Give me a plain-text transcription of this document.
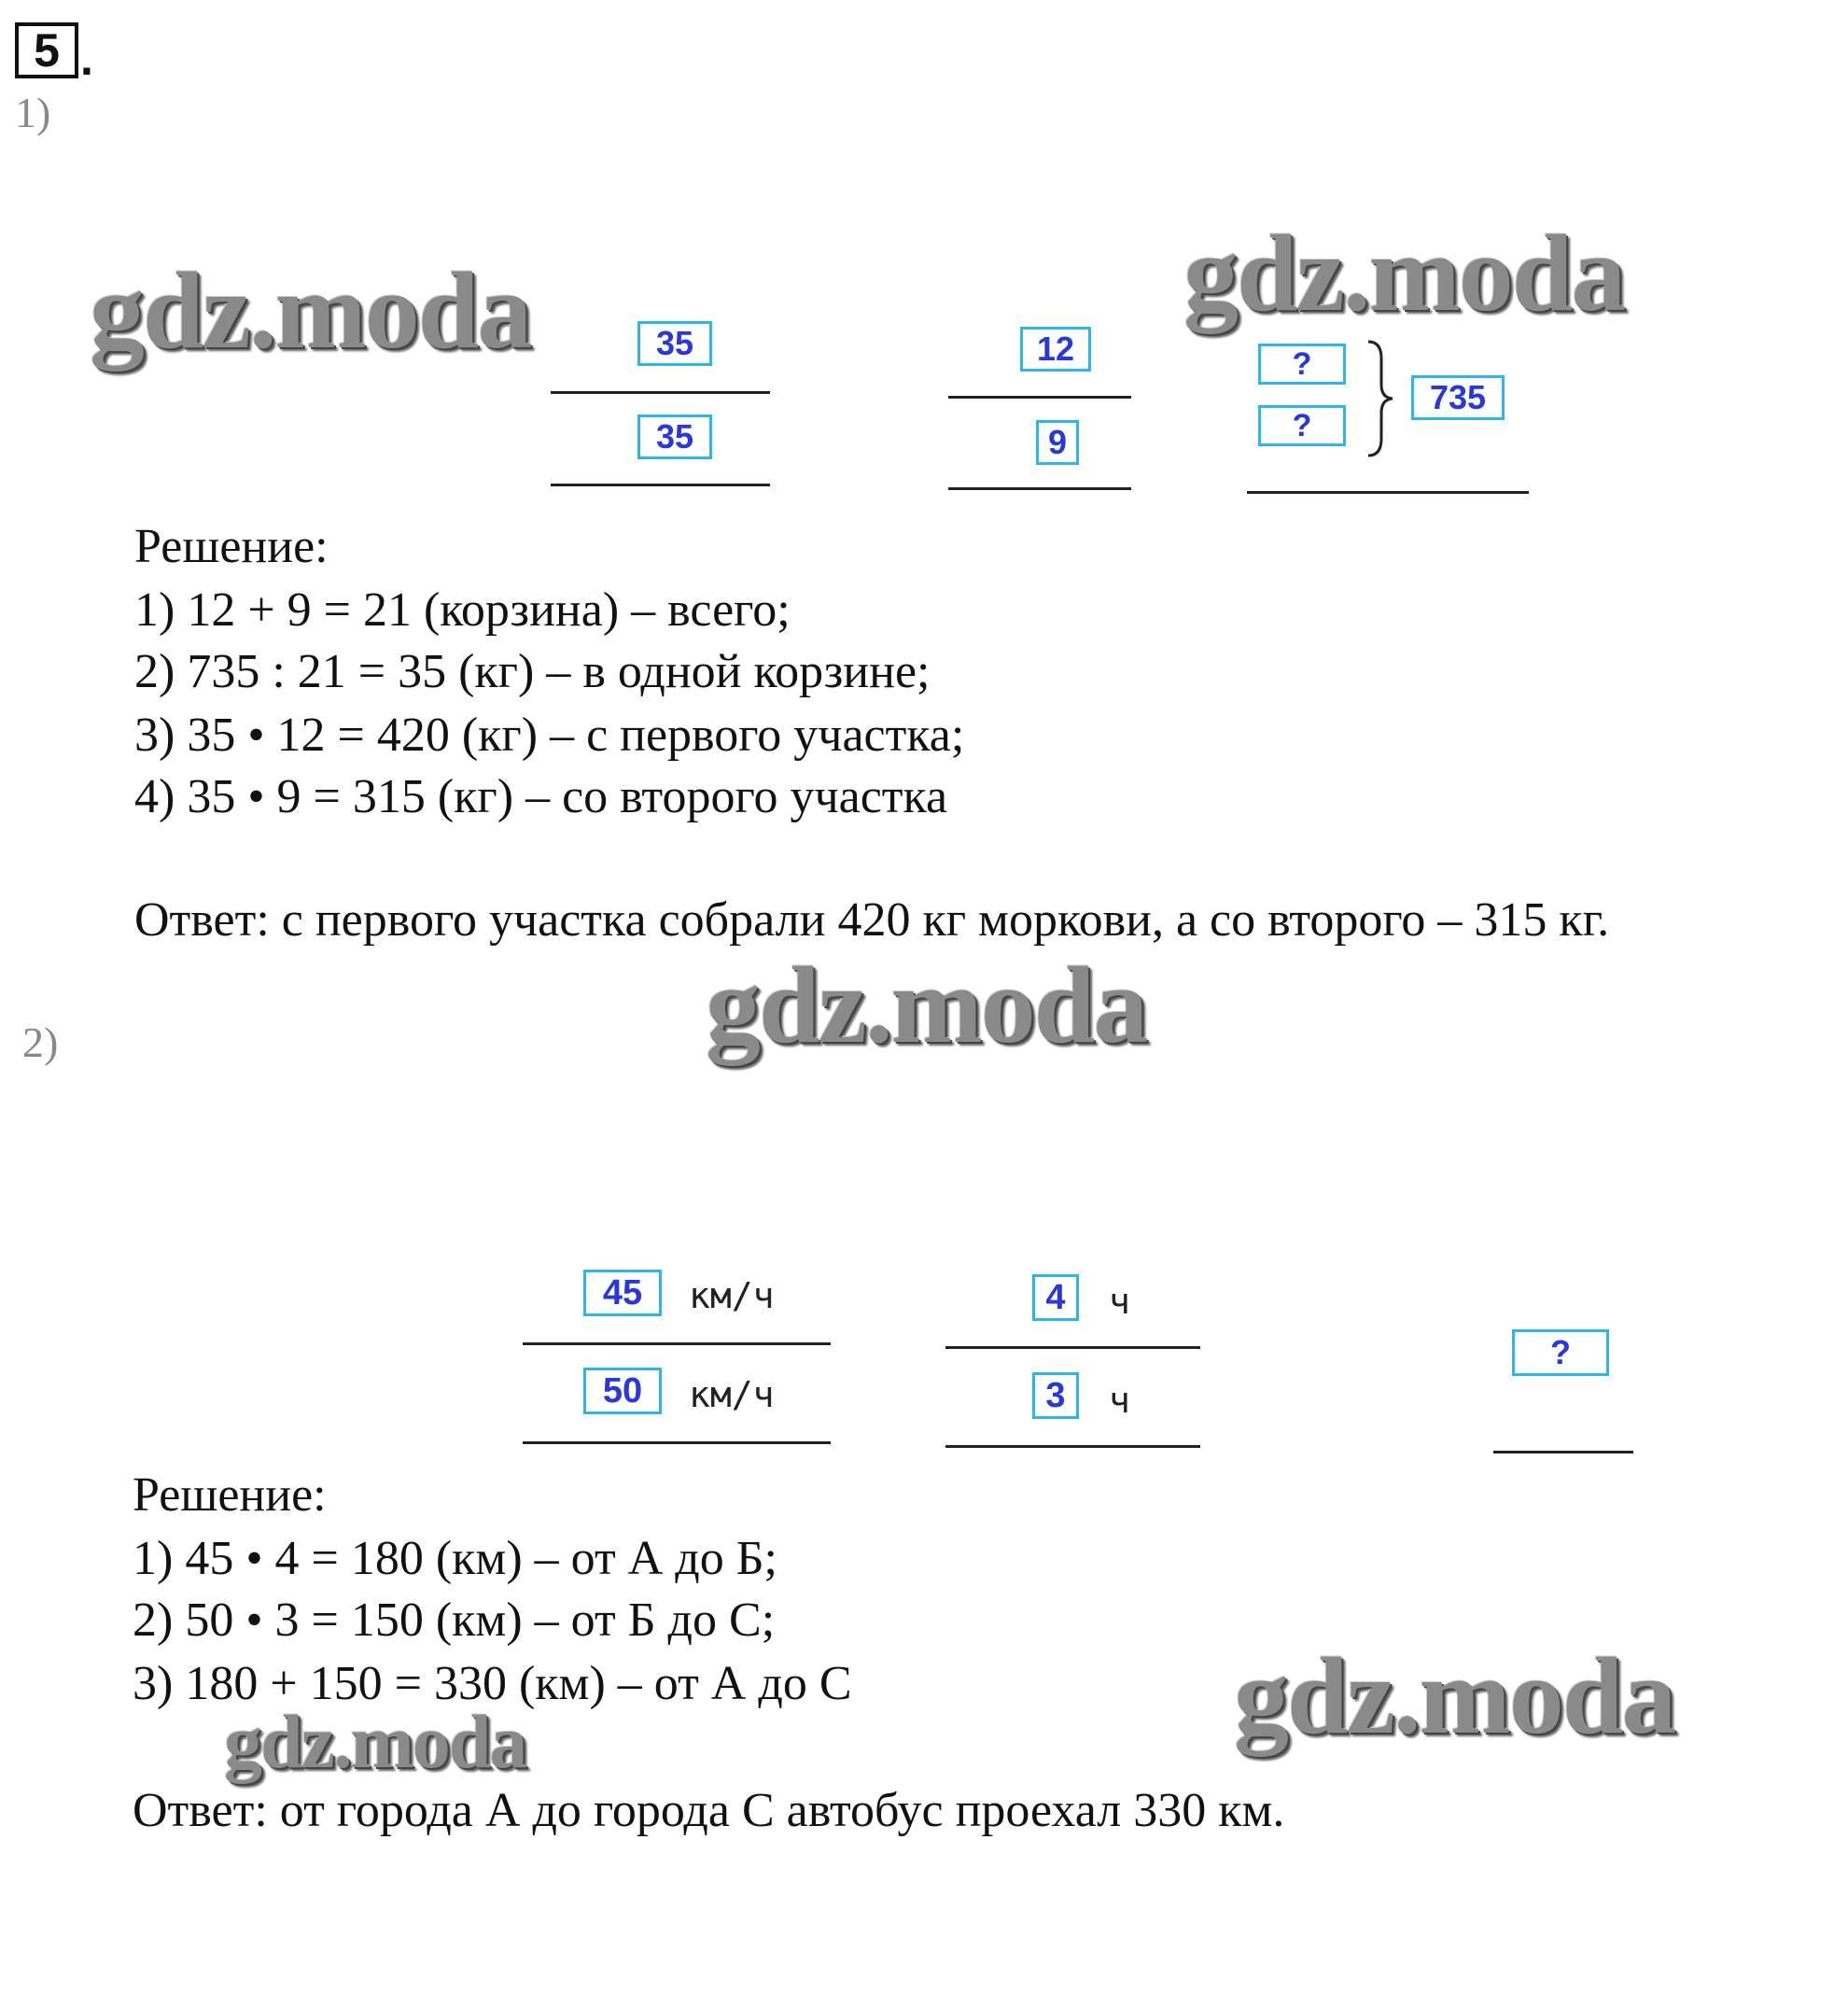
5 .
1)
35
35
12
9
?
?
735
Решение:
1) 12 + 9 = 21 (корзина) – всего;
2) 735 : 21 = 35 (кг) – в одной корзине;
3) 35 • 12 = 420 (кг) – с первого участка;
4) 35 • 9 = 315 (кг) – со второго участка
Ответ: с первого участка собрали 420 кг моркови, а со второго – 315 кг.
2)
45	км/ч
50	км/ч
4	ч
3	ч
?
Решение:
1) 45 • 4 = 180 (км) – от А до Б;
2) 50 • 3 = 150 (км) – от Б до С;
3) 180 + 150 = 330 (км) – от А до С
Ответ: от города А до города С автобус проехал 330 км.
gdz.moda	gdz.moda
gdz.moda
gdz.moda
gdz.moda
